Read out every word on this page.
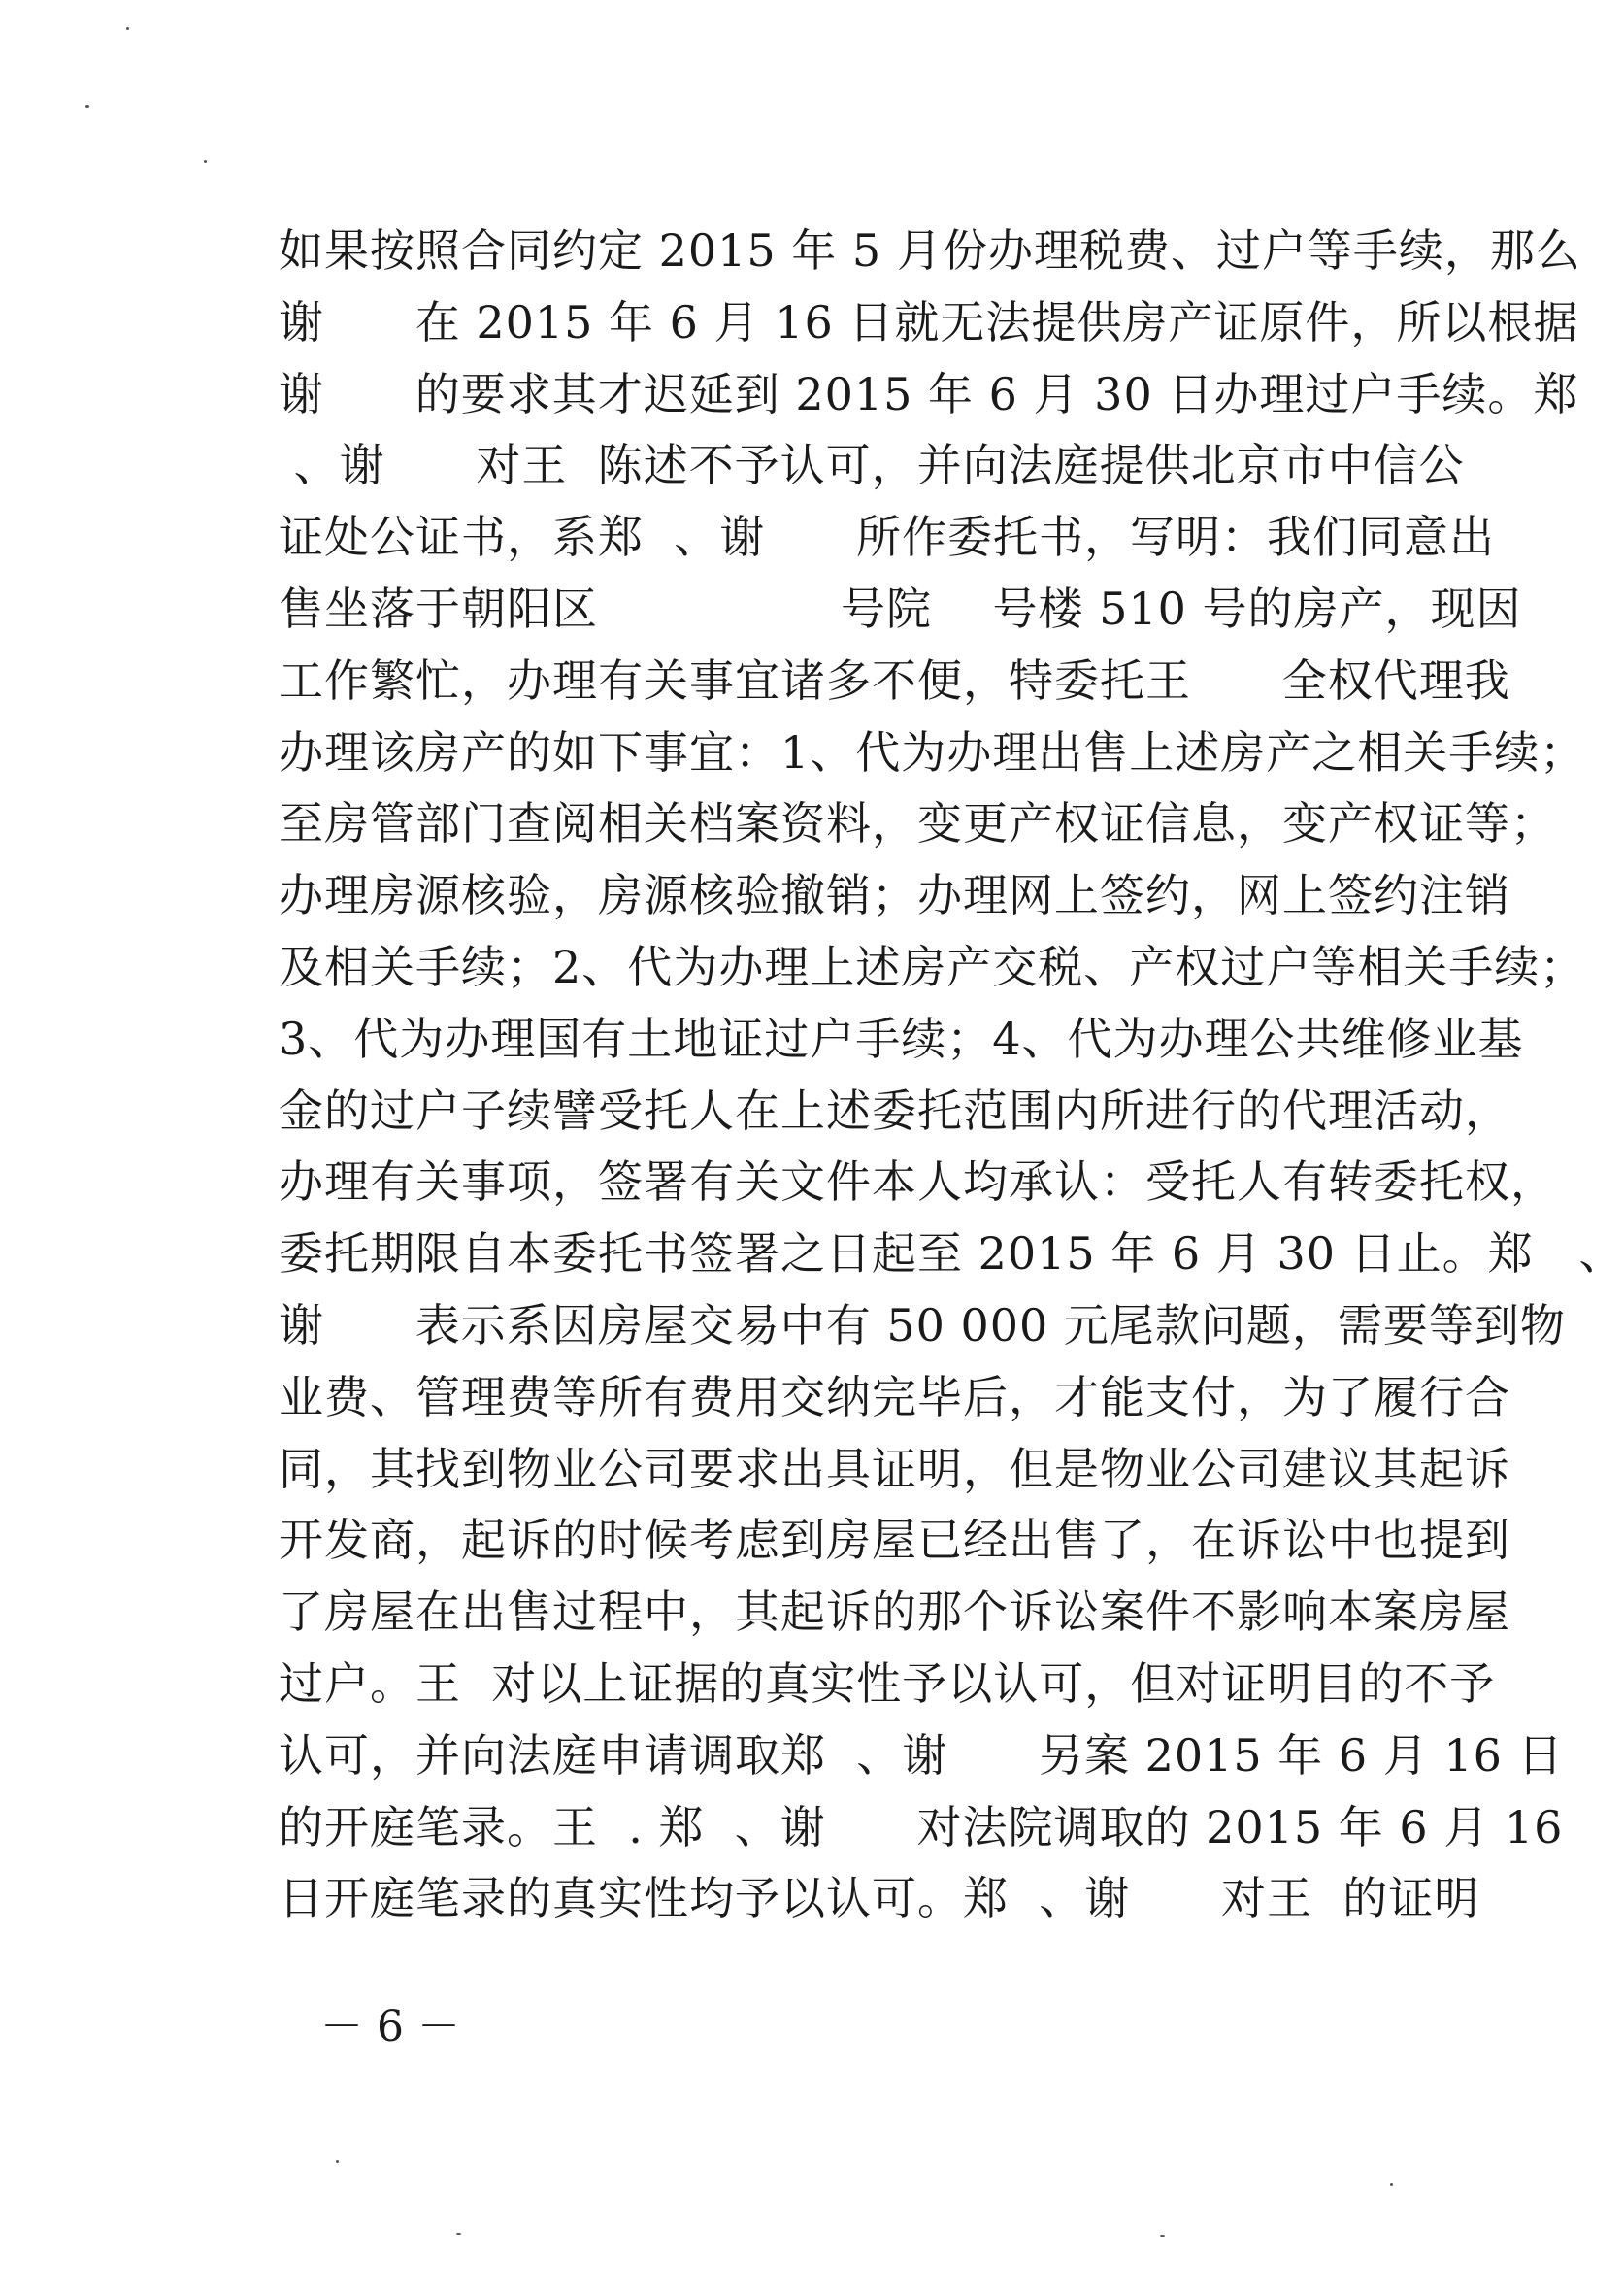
如果按照合同约定 2015 年 5 月份办理税费、过户等手续，那么
谢      在 2015 年 6 月 16 日就无法提供房产证原件，所以根据
谢      的要求其才迟延到 2015 年 6 月 30 日办理过户手续。郑
、谢      对王  陈述不予认可，并向法庭提供北京市中信公
证处公证书，系郑  、谢      所作委托书，写明：我们同意出
售坐落于朝阳区                号院    号楼 510 号的房产，现因
工作繁忙，办理有关事宜诸多不便，特委托王      全权代理我
办理该房产的如下事宜：1、代为办理出售上述房产之相关手续；
至房管部门查阅相关档案资料，变更产权证信息，变产权证等；
办理房源核验，房源核验撤销；办理网上签约，网上签约注销
及相关手续；2、代为办理上述房产交税、产权过户等相关手续；
3、代为办理国有土地证过户手续；4、代为办理公共维修业基
金的过户子续譬受托人在上述委托范围内所进行的代理活动，
办理有关事项，签署有关文件本人均承认：受托人有转委托权，
委托期限自本委托书签署之日起至 2015 年 6 月 30 日止。郑   、
谢      表示系因房屋交易中有 50 000 元尾款问题，需要等到物
业费、管理费等所有费用交纳完毕后，才能支付，为了履行合
同，其找到物业公司要求出具证明，但是物业公司建议其起诉
开发商，起诉的时候考虑到房屋已经出售了，在诉讼中也提到
了房屋在出售过程中，其起诉的那个诉讼案件不影响本案房屋
过户。王  对以上证据的真实性予以认可，但对证明目的不予
认可，并向法庭申请调取郑  、谢      另案 2015 年 6 月 16 日
的开庭笔录。王  . 郑  、谢      对法院调取的 2015 年 6 月 16
日开庭笔录的真实性均予以认可。郑  、谢      对王  的证明
－ 6 －
